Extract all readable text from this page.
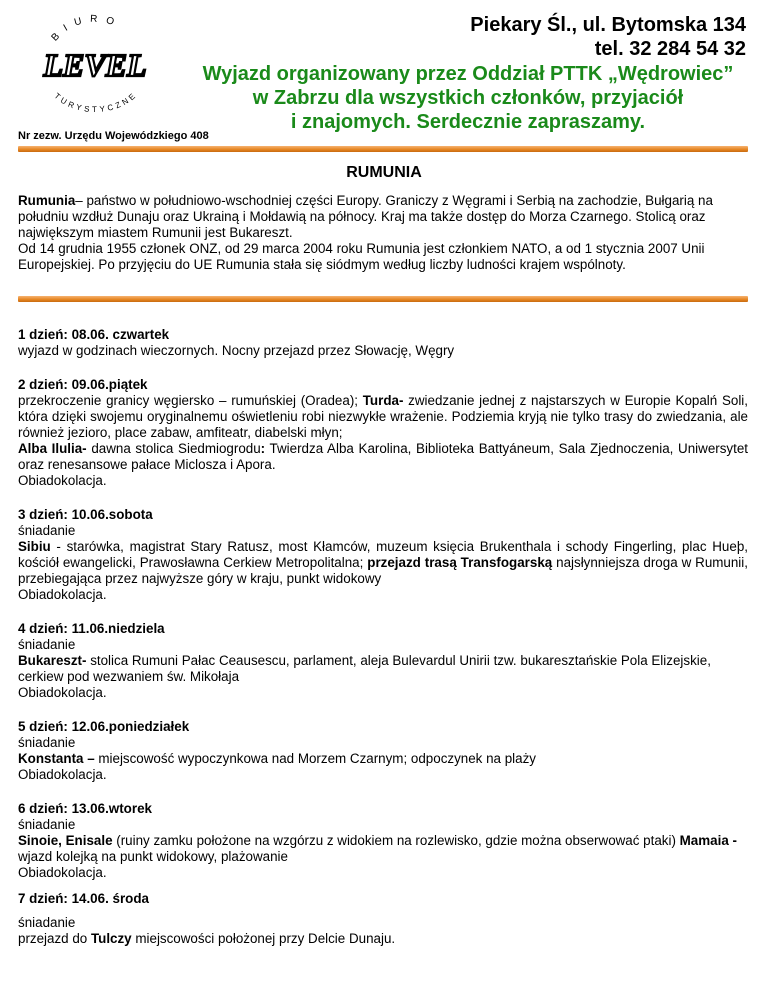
BIURO
TURYSTYCZNE
LEVEL
Piekary Śl., ul. Bytomska 134
tel. 32 284 54 32
Wyjazd organizowany przez Oddział PTTK „Wędrowiec”
w Zabrzu dla wszystkich członków, przyjaciół
i znajomych. Serdecznie zapraszamy.
Nr zezw. Urzędu Wojewódzkiego 408
RUMUNIA

Rumunia– państwo w południowo-wschodniej części Europy. Graniczy z Węgrami i Serbią na zachodzie, Bułgarią na południu wzdłuż Dunaju oraz Ukrainą i Mołdawią na północy. Kraj ma także dostęp do Morza Czarnego. Stolicą oraz największym miastem Rumunii jest Bukareszt.

Od 14 grudnia 1955 członek ONZ, od 29 marca 2004 roku Rumunia jest członkiem NATO, a od 1 stycznia 2007 Unii Europejskiej. Po przyjęciu do UE Rumunia stała się siódmym według liczby ludności krajem wspólnoty.

1 dzień: 08.06. czwartek
wyjazd w godzinach wieczornych. Nocny przejazd przez Słowację, Węgry
2 dzień: 09.06.piątek
przekroczenie granicy węgiersko – rumuńskiej (Oradea); Turda- zwiedzanie jednej z najstarszych w Europie Kopalń Soli, która dzięki swojemu oryginalnemu oświetleniu robi niezwykłe wrażenie. Podziemia kryją nie tylko trasy do zwiedzania, ale również jezioro, place zabaw, amfiteatr, diabelski młyn;
Alba Ilulia- dawna stolica Siedmiogrodu: Twierdza Alba Karolina, Biblioteka Battyáneum, Sala Zjednoczenia, Uniwersytet oraz renesansowe pałace Miclosza i Apora.
Obiadokolacja.
3 dzień: 10.06.sobota
śniadanie
Sibiu - starówka, magistrat Stary Ratusz, most Kłamców, muzeum księcia Brukenthala i schody Fingerling, plac Hueþ, kościół ewangelicki, Prawosławna Cerkiew Metropolitalna; przejazd trasą Transfogarską najsłynniejsza droga w Rumunii, przebiegająca przez najwyższe góry w kraju, punkt widokowy
Obiadokolacja.
4 dzień: 11.06.niedziela
śniadanie
Bukareszt- stolica Rumuni Pałac Ceausescu, parlament, aleja Bulevardul Unirii tzw. bukaresztańskie Pola Elizejskie, cerkiew pod wezwaniem św. Mikołaja
Obiadokolacja.
5 dzień: 12.06.poniedziałek
śniadanie
Konstanta – miejscowość wypoczynkowa nad Morzem Czarnym; odpoczynek na plaży
Obiadokolacja.
6 dzień: 13.06.wtorek
śniadanie
Sinoie, Enisale (ruiny zamku położone na wzgórzu z widokiem na rozlewisko, gdzie można obserwować ptaki) Mamaia -wjazd kolejką na punkt widokowy, plażowanie
Obiadokolacja.
7 dzień: 14.06. środa
śniadanie
przejazd do Tulczy miejscowości położonej przy Delcie Dunaju.
